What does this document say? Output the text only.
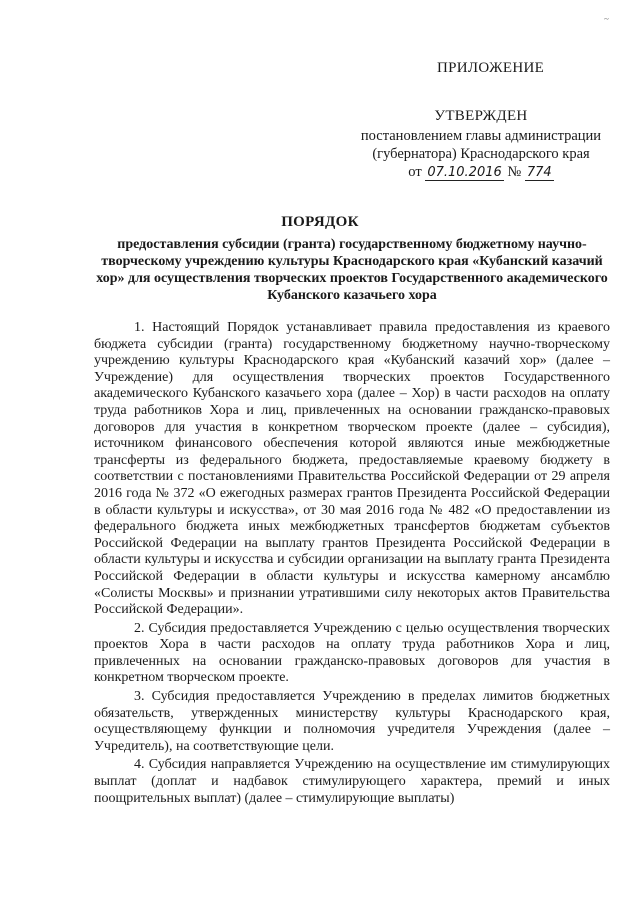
~
ПРИЛОЖЕНИЕ
УТВЕРЖДЕН
постановлением главы администрации
(губернатора) Краснодарского края
от 07.10.2016 № 774
ПОРЯДОК
предоставления субсидии (гранта) государственному бюджетному научно-творческому учреждению культуры Краснодарского края «Кубанский казачий хор» для осуществления творческих проектов Государственного академического Кубанского казачьего хора

1. Настоящий Порядок устанавливает правила предоставления из краевого бюджета субсидии (гранта) государственному бюджетному научно-творческому учреждению культуры Краснодарского края «Кубанский казачий хор» (далее – Учреждение) для осуществления творческих проектов Государственного академического Кубанского казачьего хора (далее – Хор) в части расходов на оплату труда работников Хора и лиц, привлеченных на основании гражданско-правовых договоров для участия в конкретном творческом проекте (далее – субсидия), источником финансового обеспечения которой являются иные межбюджетные трансферты из федерального бюджета, предоставляемые краевому бюджету в соответствии с постановлениями Правительства Российской Федерации от 29 апреля 2016 года № 372 «О ежегодных размерах грантов Президента Российской Федерации в области культуры и искусства», от 30 мая 2016 года № 482 «О предоставлении из федерального бюджета иных межбюджетных трансфертов бюджетам субъектов Российской Федерации на выплату грантов Президента Российской Федерации в области культуры и искусства и субсидии организации на выплату гранта Президента Российской Федерации в области культуры и искусства камерному ансамблю «Солисты Москвы» и признании утратившими силу некоторых актов Правительства Российской Федерации».

2. Субсидия предоставляется Учреждению с целью осуществления творческих проектов Хора в части расходов на оплату труда работников Хора и лиц, привлеченных на основании гражданско-правовых договоров для участия в конкретном творческом проекте.

3. Субсидия предоставляется Учреждению в пределах лимитов бюджетных обязательств, утвержденных министерству культуры Краснодарского края, осуществляющему функции и полномочия учредителя Учреждения (далее – Учредитель), на соответствующие цели.

4. Субсидия направляется Учреждению на осуществление им стимулирующих выплат (доплат и надбавок стимулирующего характера, премий и иных поощрительных выплат) (далее – стимулирующие выплаты)
